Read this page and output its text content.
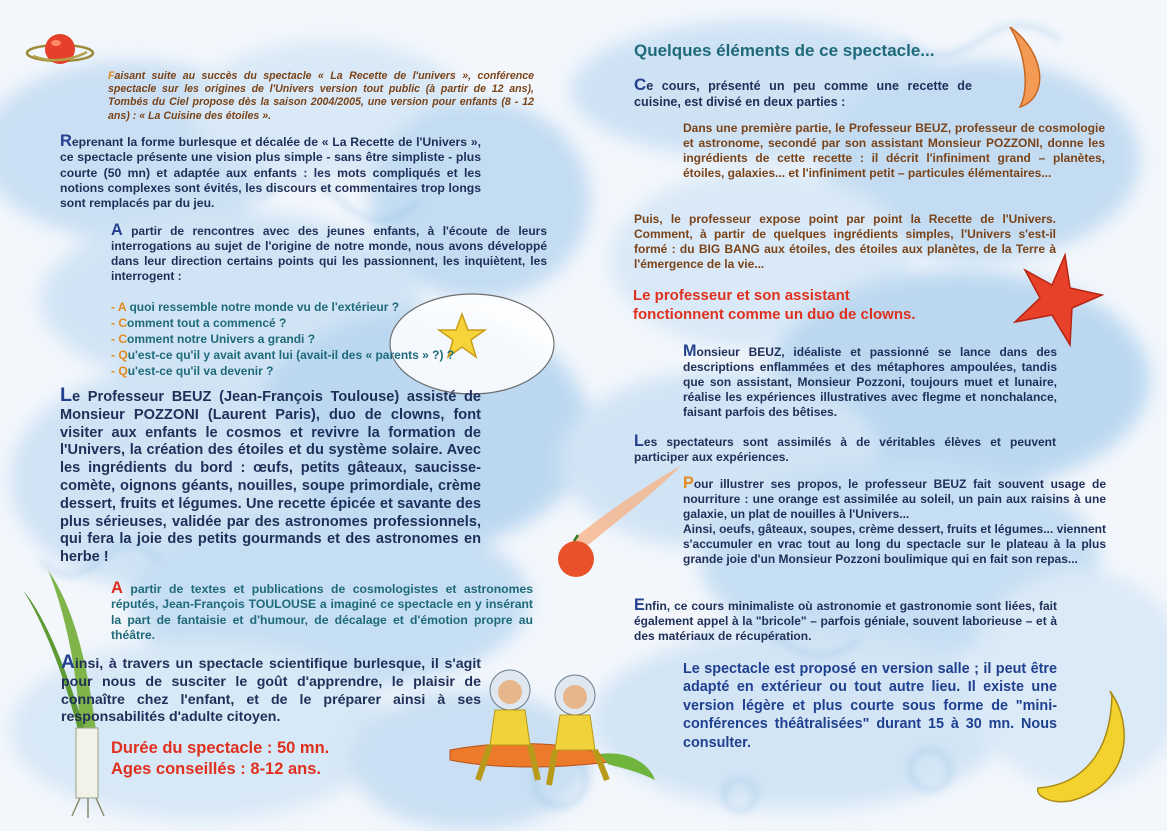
Faisant suite au succès du spectacle « La Recette de l'univers », conférence spectacle sur les origines de l'Univers version tout public (à partir de 12 ans), Tombés du Ciel propose dès la saison 2004/2005, une version pour enfants (8 - 12 ans) : « La Cuisine des étoiles ».
Reprenant la forme burlesque et décalée de « La Recette de l'Univers », ce spectacle présente une vision plus simple - sans être simpliste - plus courte (50 mn) et adaptée aux enfants : les mots compliqués et les notions complexes sont évités, les discours et commentaires trop longs sont remplacés par du jeu.
A partir de rencontres avec des jeunes enfants, à l'écoute de leurs interrogations au sujet de l'origine de notre monde, nous avons développé dans leur direction certains points qui les passionnent, les inquiètent, les interrogent :
- A quoi ressemble notre monde vu de l'extérieur ?
- Comment tout a commencé ?
- Comment notre Univers a grandi ?
- Qu'est-ce qu'il y avait avant lui (avait-il des « parents » ?) ?
- Qu'est-ce qu'il va devenir ?
Le Professeur BEUZ (Jean-François Toulouse) assisté de Monsieur POZZONI (Laurent Paris), duo de clowns, font visiter aux enfants le cosmos et revivre la formation de l'Univers, la création des étoiles et du système solaire. Avec les ingrédients du bord : œufs, petits gâteaux, saucisse-comète, oignons géants, nouilles, soupe primordiale, crème dessert, fruits et légumes. Une recette épicée et savante des plus sérieuses, validée par des astronomes professionnels, qui fera la joie des petits gourmands et des astronomes en herbe !
A partir de textes et publications de cosmologistes et astronomes réputés, Jean-François TOULOUSE a imaginé ce spectacle en y insérant la part de fantaisie et d'humour, de décalage et d'émotion propre au théâtre.
Ainsi, à travers un spectacle scientifique burlesque, il s'agit pour nous de susciter le goût d'apprendre, le plaisir de connaître chez l'enfant, et de le préparer ainsi à ses responsabilités d'adulte citoyen.
Durée du spectacle : 50 mn.
Ages conseillés : 8-12 ans.
Quelques éléments de ce spectacle...
Ce cours, présenté un peu comme une recette de cuisine, est divisé en deux parties :
Dans une première partie, le Professeur BEUZ, professeur de cosmologie et astronome, secondé par son assistant Monsieur POZZONI, donne les ingrédients de cette recette : il décrit l'infiniment grand – planètes, étoiles, galaxies... et l'infiniment petit – particules élémentaires...
Puis, le professeur expose point par point la Recette de l'Univers. Comment, à partir de quelques ingrédients simples, l'Univers s'est-il formé : du BIG BANG aux étoiles, des étoiles aux planètes, de la Terre à l'émergence de la vie...
Le professeur et son assistant
fonctionnent comme un duo de clowns.
Monsieur BEUZ, idéaliste et passionné se lance dans des descriptions enflammées et des métaphores ampoulées, tandis que son assistant, Monsieur Pozzoni, toujours muet et lunaire, réalise les expériences illustratives avec flegme et nonchalance, faisant parfois des bêtises.
Les spectateurs sont assimilés à de véritables élèves et peuvent participer aux expériences.
Pour illustrer ses propos, le professeur BEUZ fait souvent usage de nourriture : une orange est assimilée au soleil, un pain aux raisins à une galaxie, un plat de nouilles à l'Univers...
Ainsi, oeufs, gâteaux, soupes, crème dessert, fruits et légumes... viennent s'accumuler en vrac tout au long du spectacle sur le plateau à la plus grande joie d'un Monsieur Pozzoni boulimique qui en fait son repas...
Enfin, ce cours minimaliste où astronomie et gastronomie sont liées, fait également appel à la "bricole" – parfois géniale, souvent laborieuse – et à des matériaux de récupération.
Le spectacle est proposé en version salle ; il peut être adapté en extérieur ou tout autre lieu. Il existe une version légère et plus courte sous forme de "mini-conférences théâtralisées" durant 15 à 30 mn. Nous consulter.
